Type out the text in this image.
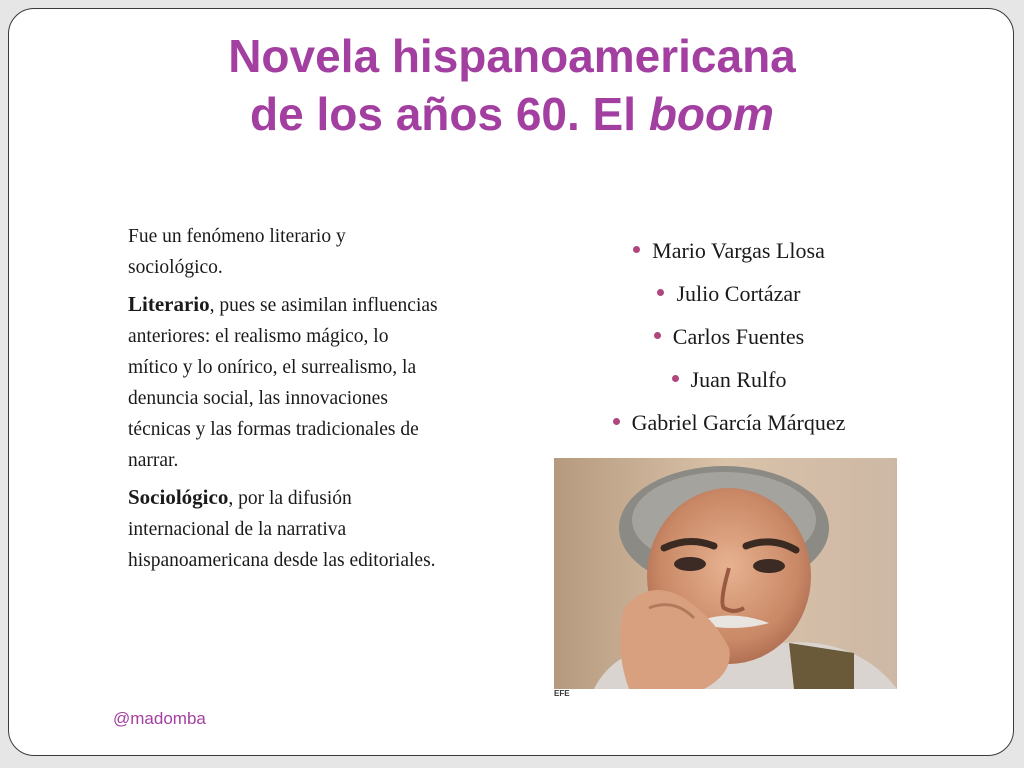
Novela hispanoamericana
de los años 60. El boom

Fue un fenómeno literario y sociológico.

Literario, pues se asimilan influencias anteriores: el realismo mágico, lo mítico y lo onírico, el surrealismo, la denuncia social, las innovaciones técnicas y las formas tradicionales de narrar.

Sociológico, por la difusión internacional de la narrativa hispanoamericana desde las editoriales.

Mario Vargas Llosa
Julio Cortázar
Carlos Fuentes
Juan Rulfo
Gabriel García Márquez
EFE
@madomba
